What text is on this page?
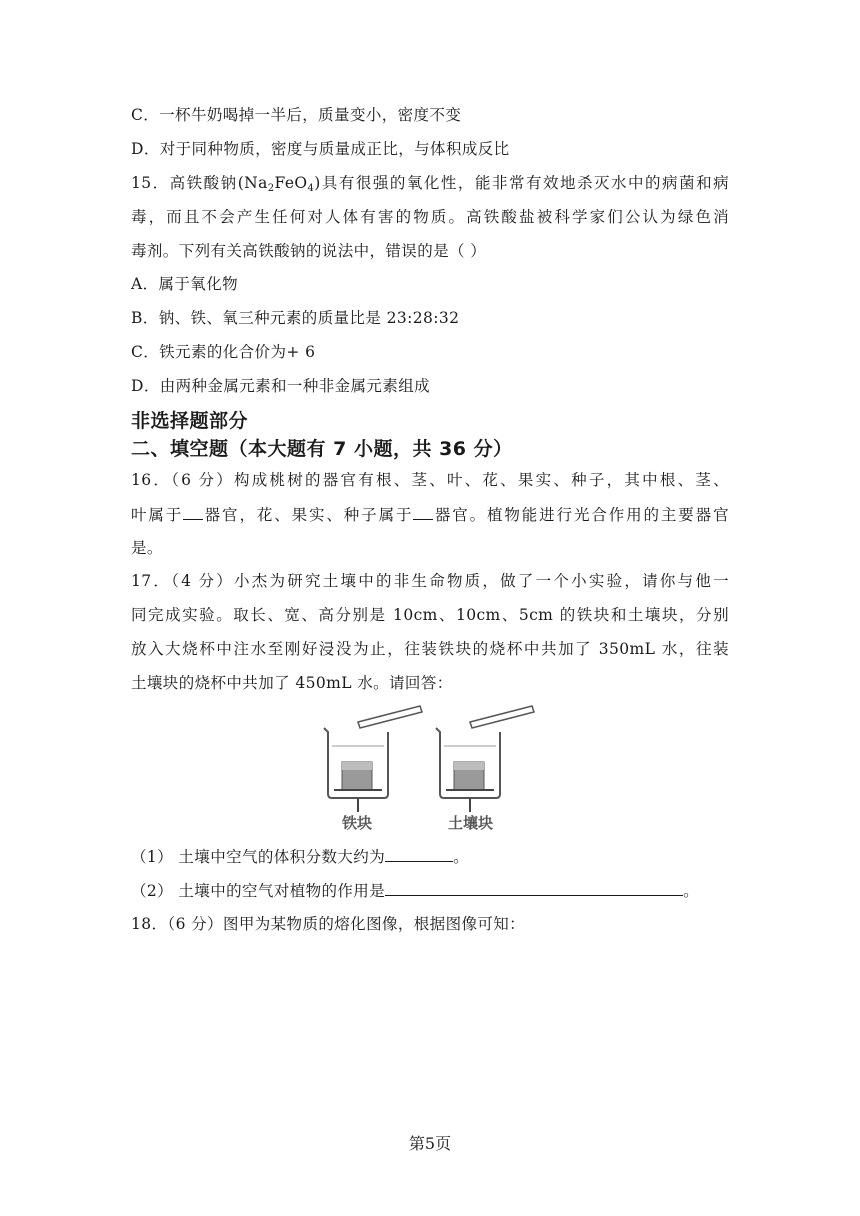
C．一杯牛奶喝掉一半后，质量变小，密度不变
D．对于同种物质，密度与质量成正比，与体积成反比
15．高铁酸钠$(Na_2FeO_4)$具有很强的氧化性，能非常有效地杀灭水中的病菌和病
毒，而且不会产生任何对人体有害的物质。高铁酸盐被科学家们公认为绿色消
毒剂。下列有关高铁酸钠的说法中，错误的是（ ）
A．属于氧化物
B．钠、铁、氧三种元素的质量比是 23:28:32
C．铁元素的化合价为+ 6
D．由两种金属元素和一种非金属元素组成
非选择题部分
二、填空题（本大题有 7 小题，共 36 分）
16．（6 分）构成桃树的器官有根、茎、叶、花、果实、种子，其中根、茎、
叶属于 器官，花、果实、种子属于 器官。植物能进行光合作用的主要器官
是。
17．（4 分）小杰为研究土壤中的非生命物质，做了一个小实验，请你与他一
同完成实验。取长、宽、高分别是 10cm、10cm、5cm 的铁块和土壤块，分别
放入大烧杯中注水至刚好浸没为止，往装铁块的烧杯中共加了 350mL 水，往装
土壤块的烧杯中共加了 450mL 水。请回答：
铁块	土壤块
（1） 土壤中空气的体积分数大约为	。
（2） 土壤中的空气对植物的作用是	。
18．（6 分）图甲为某物质的熔化图像，根据图像可知：
第5页
